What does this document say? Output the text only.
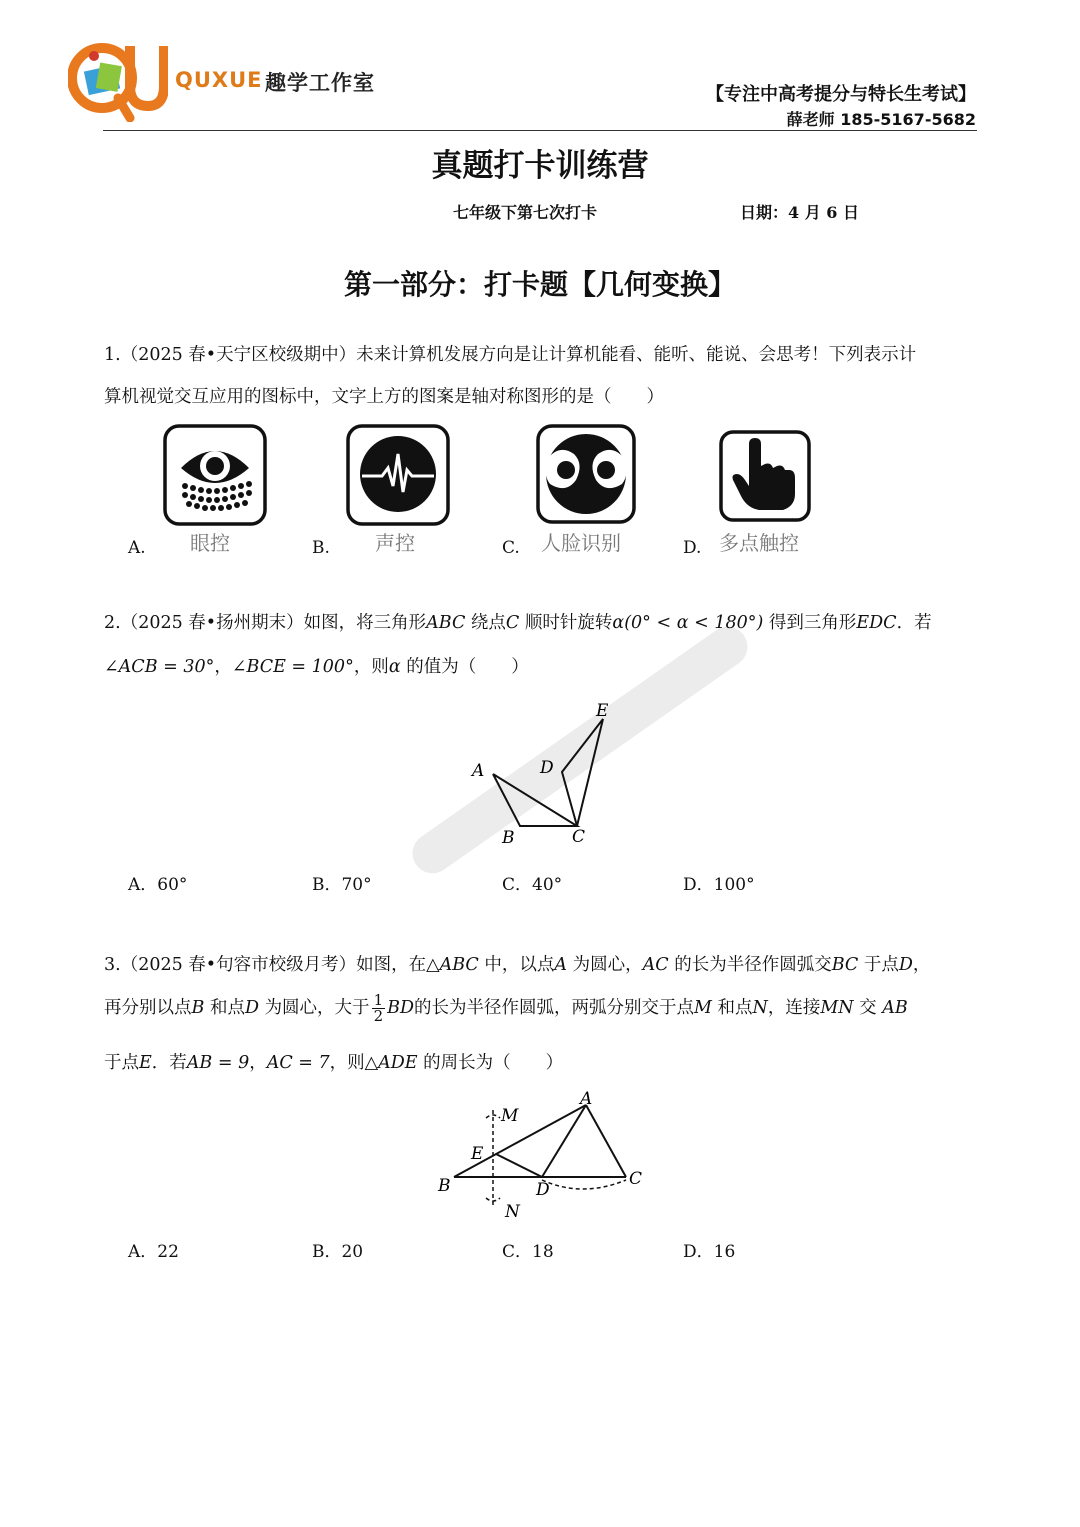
QUXUE 趣学工作室	【专注中高考提分与特长生考试】
薛老师 185-5167-5682
真题打卡训练营
七年级下第七次打卡	日期：4 月 6 日
第一部分：打卡题【几何变换】
1.（2025 春•天宁区校级期中）未来计算机发展方向是让计算机能看、能听、能说、会思考！下列表示计
算机视觉交互应用的图标中，文字上方的图案是轴对称图形的是（　　）
A. 眼控	B. 声控	C. 人脸识别	D. 多点触控
2.（2025 春•扬州期末）如图，将三角形ABC 绕点C 顺时针旋转α(0° < α < 180°) 得到三角形EDC．若
∠ACB = 30°，∠BCE = 100°，则α 的值为（　　）
A
B	C
D
E
A．60°	B．70°	C．40°	D．100°
3.（2025 春•句容市校级月考）如图，在△ABC 中，以点A 为圆心，AC 的长为半径作圆弧交BC 于点D，
再分别以点B 和点D 为圆心，大于 $\frac{1}{2}$ BD的长为半径作圆弧，两弧分别交于点M 和点N，连接MN 交 AB
于点E．若AB = 9，AC = 7，则△ADE 的周长为（　　）
A
B	C
D
E
M
N
A．22	B．20	C．18	D．16
